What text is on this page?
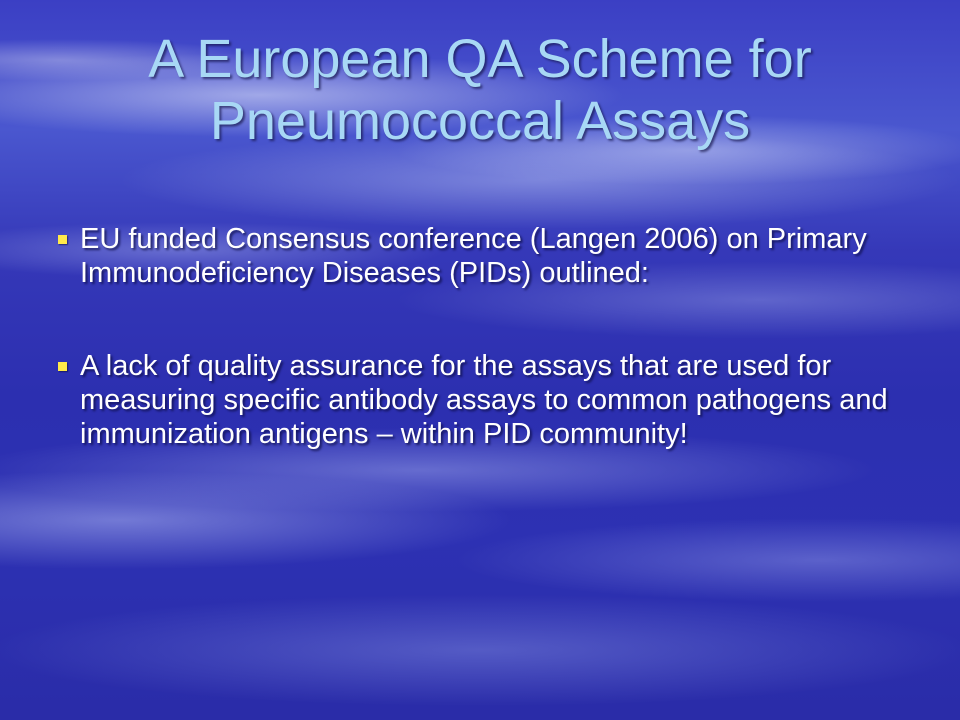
A European QA Scheme for Pneumococcal Assays
EU funded Consensus conference (Langen 2006) on Primary Immunodeficiency Diseases (PIDs) outlined:
A lack of quality assurance for the assays that are used for measuring specific antibody assays to common pathogens and immunization antigens – within PID community!
